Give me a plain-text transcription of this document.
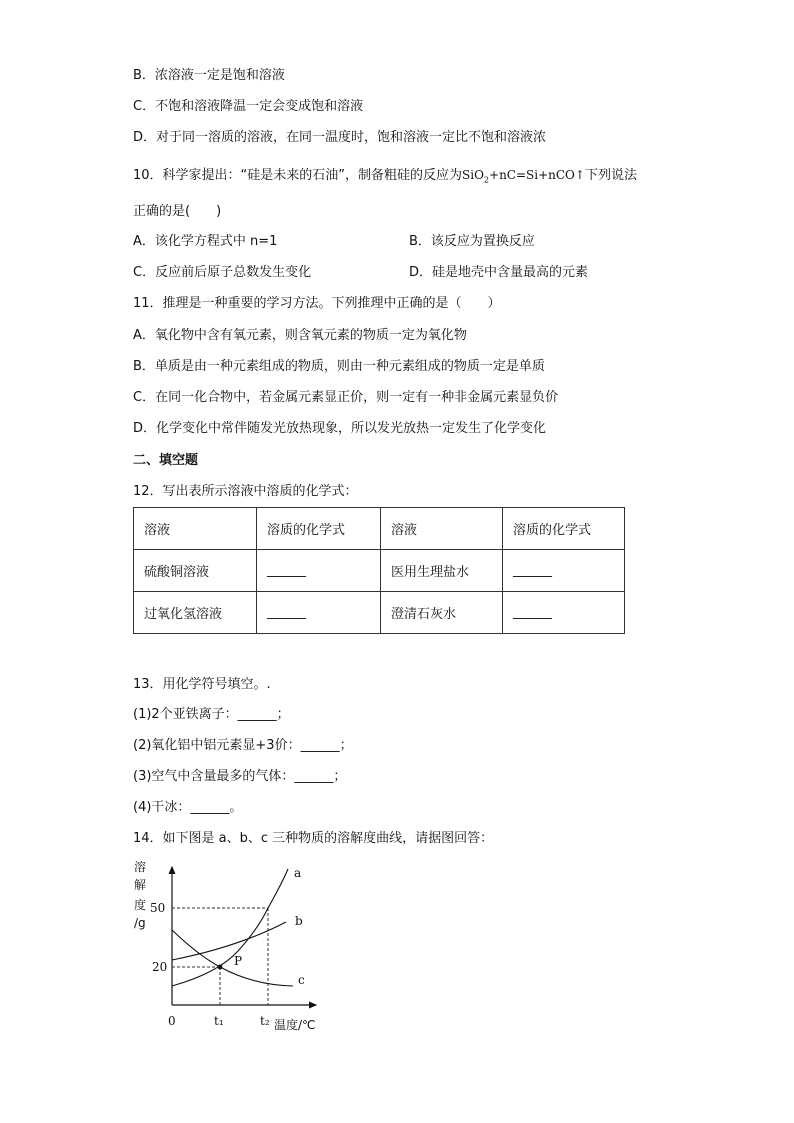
B．浓溶液一定是饱和溶液
C．不饱和溶液降温一定会变成饱和溶液
D．对于同一溶质的溶液，在同一温度时，饱和溶液一定比不饱和溶液浓
10．科学家提出：“硅是未来的石油”，制备粗硅的反应为SiO$_2$+nC=Si+nCO↑下列说法
正确的是(　　)
A．该化学方程式中 n=1	B．该反应为置换反应
C．反应前后原子总数发生变化	D．硅是地壳中含量最高的元素
11．推理是一种重要的学习方法。下列推理中正确的是（　　）
A．氧化物中含有氧元素，则含氧元素的物质一定为氧化物
B．单质是由一种元素组成的物质，则由一种元素组成的物质一定是单质
C．在同一化合物中，若金属元素显正价，则一定有一种非金属元素显负价
D．化学变化中常伴随发光放热现象，所以发光放热一定发生了化学变化
二、填空题
12．写出表所示溶液中溶质的化学式：
溶液	溶质的化学式	溶液	溶质的化学式
硫酸铜溶液	______	医用生理盐水	______
过氧化氢溶液	______	澄清石灰水	______
13．用化学符号填空。.
(1)2个亚铁离子：______；
(2)氧化铝中铝元素显+3价：______；
(3)空气中含量最多的气体：______；
(4)干冰：______。
14．如下图是 a、b、c 三种物质的溶解度曲线，请据图回答：
溶
解
度
/g
50
20
0	t₁	t₂ 温度/℃
P
a
b
c
